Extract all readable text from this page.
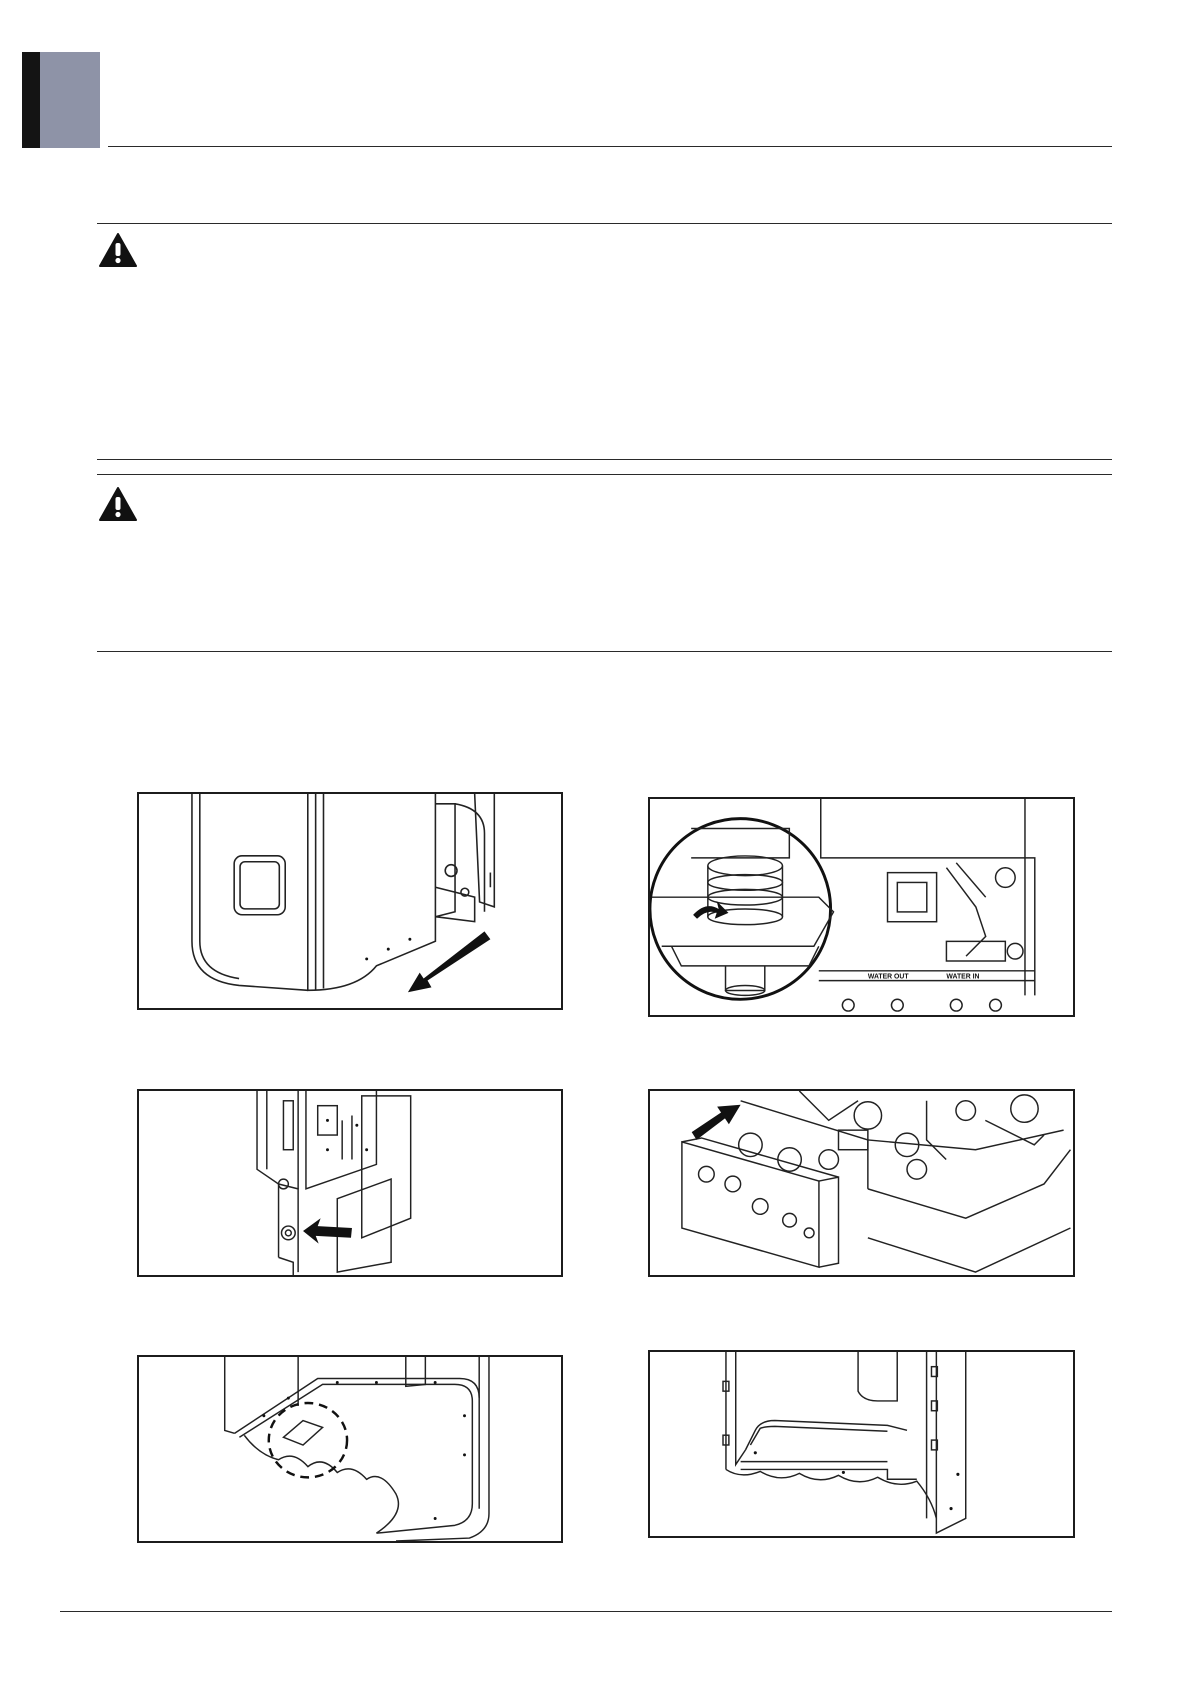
WATER OUT	WATER IN
